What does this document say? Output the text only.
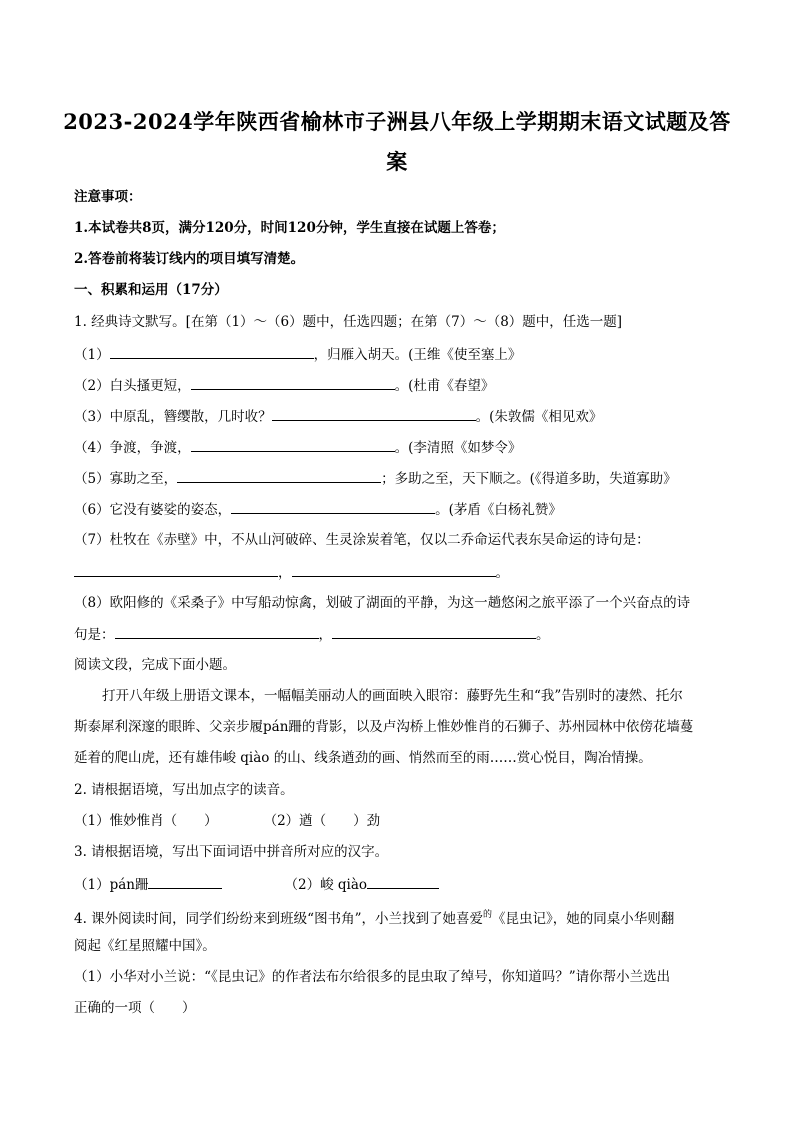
2023-2024学年陕西省榆林市子洲县八年级上学期期末语文试题及答
案
注意事项：
1.本试卷共8页，满分120分，时间120分钟，学生直接在试题上答卷；
2.答卷前将装订线内的项目填写清楚。
一、积累和运用（17分）
1. 经典诗文默写。[在第（1）～（6）题中，任选四题；在第（7）～（8）题中，任选一题]
（1）	，归雁入胡天。(王维《使至塞上》
（2）白头搔更短，	。(杜甫《春望》
（3）中原乱，簪缨散，几时收？	。(朱敦儒《相见欢》
（4）争渡，争渡，	。(李清照《如梦令》
（5）寡助之至，	；多助之至，天下顺之。(《得道多助，失道寡助》
（6）它没有婆娑的姿态，	。(茅盾《白杨礼赞》
（7）杜牧在《赤壁》中，不从山河破碎、生灵涂炭着笔，仅以二乔命运代表东吴命运的诗句是：
，	。
（8）欧阳修的《采桑子》中写船动惊禽，划破了湖面的平静，为这一趟悠闲之旅平添了一个兴奋点的诗
句是：	，	。
阅读文段，完成下面小题。
打开八年级上册语文课本，一幅幅美丽动人的画面映入眼帘：藤野先生和“我”告别时的凄然、托尔
斯泰犀利深邃的眼眸、父亲步履pán跚的背影，以及卢沟桥上惟妙惟肖的石狮子、苏州园林中依傍花墙蔓
延着的爬山虎，还有雄伟峻 qiào 的山、线条遒劲的画、悄然而至的雨……赏心悦目，陶冶情操。
2. 请根据语境，写出加点字的读音。
（1）惟妙惟肖（　　）	（2）遒（　　）劲
3. 请根据语境，写出下面词语中拼音所对应的汉字。
（1）pán跚	（2）峻 qiào
4. 课外阅读时间，同学们纷纷来到班级“图书角”，小兰找到了她喜爱$^的$《昆虫记》，她的同桌小华则翻
阅起《红星照耀中国》。
（1）小华对小兰说：“《昆虫记》的作者法布尔给很多的昆虫取了绰号，你知道吗？”请你帮小兰选出
正确的一项（　　）
